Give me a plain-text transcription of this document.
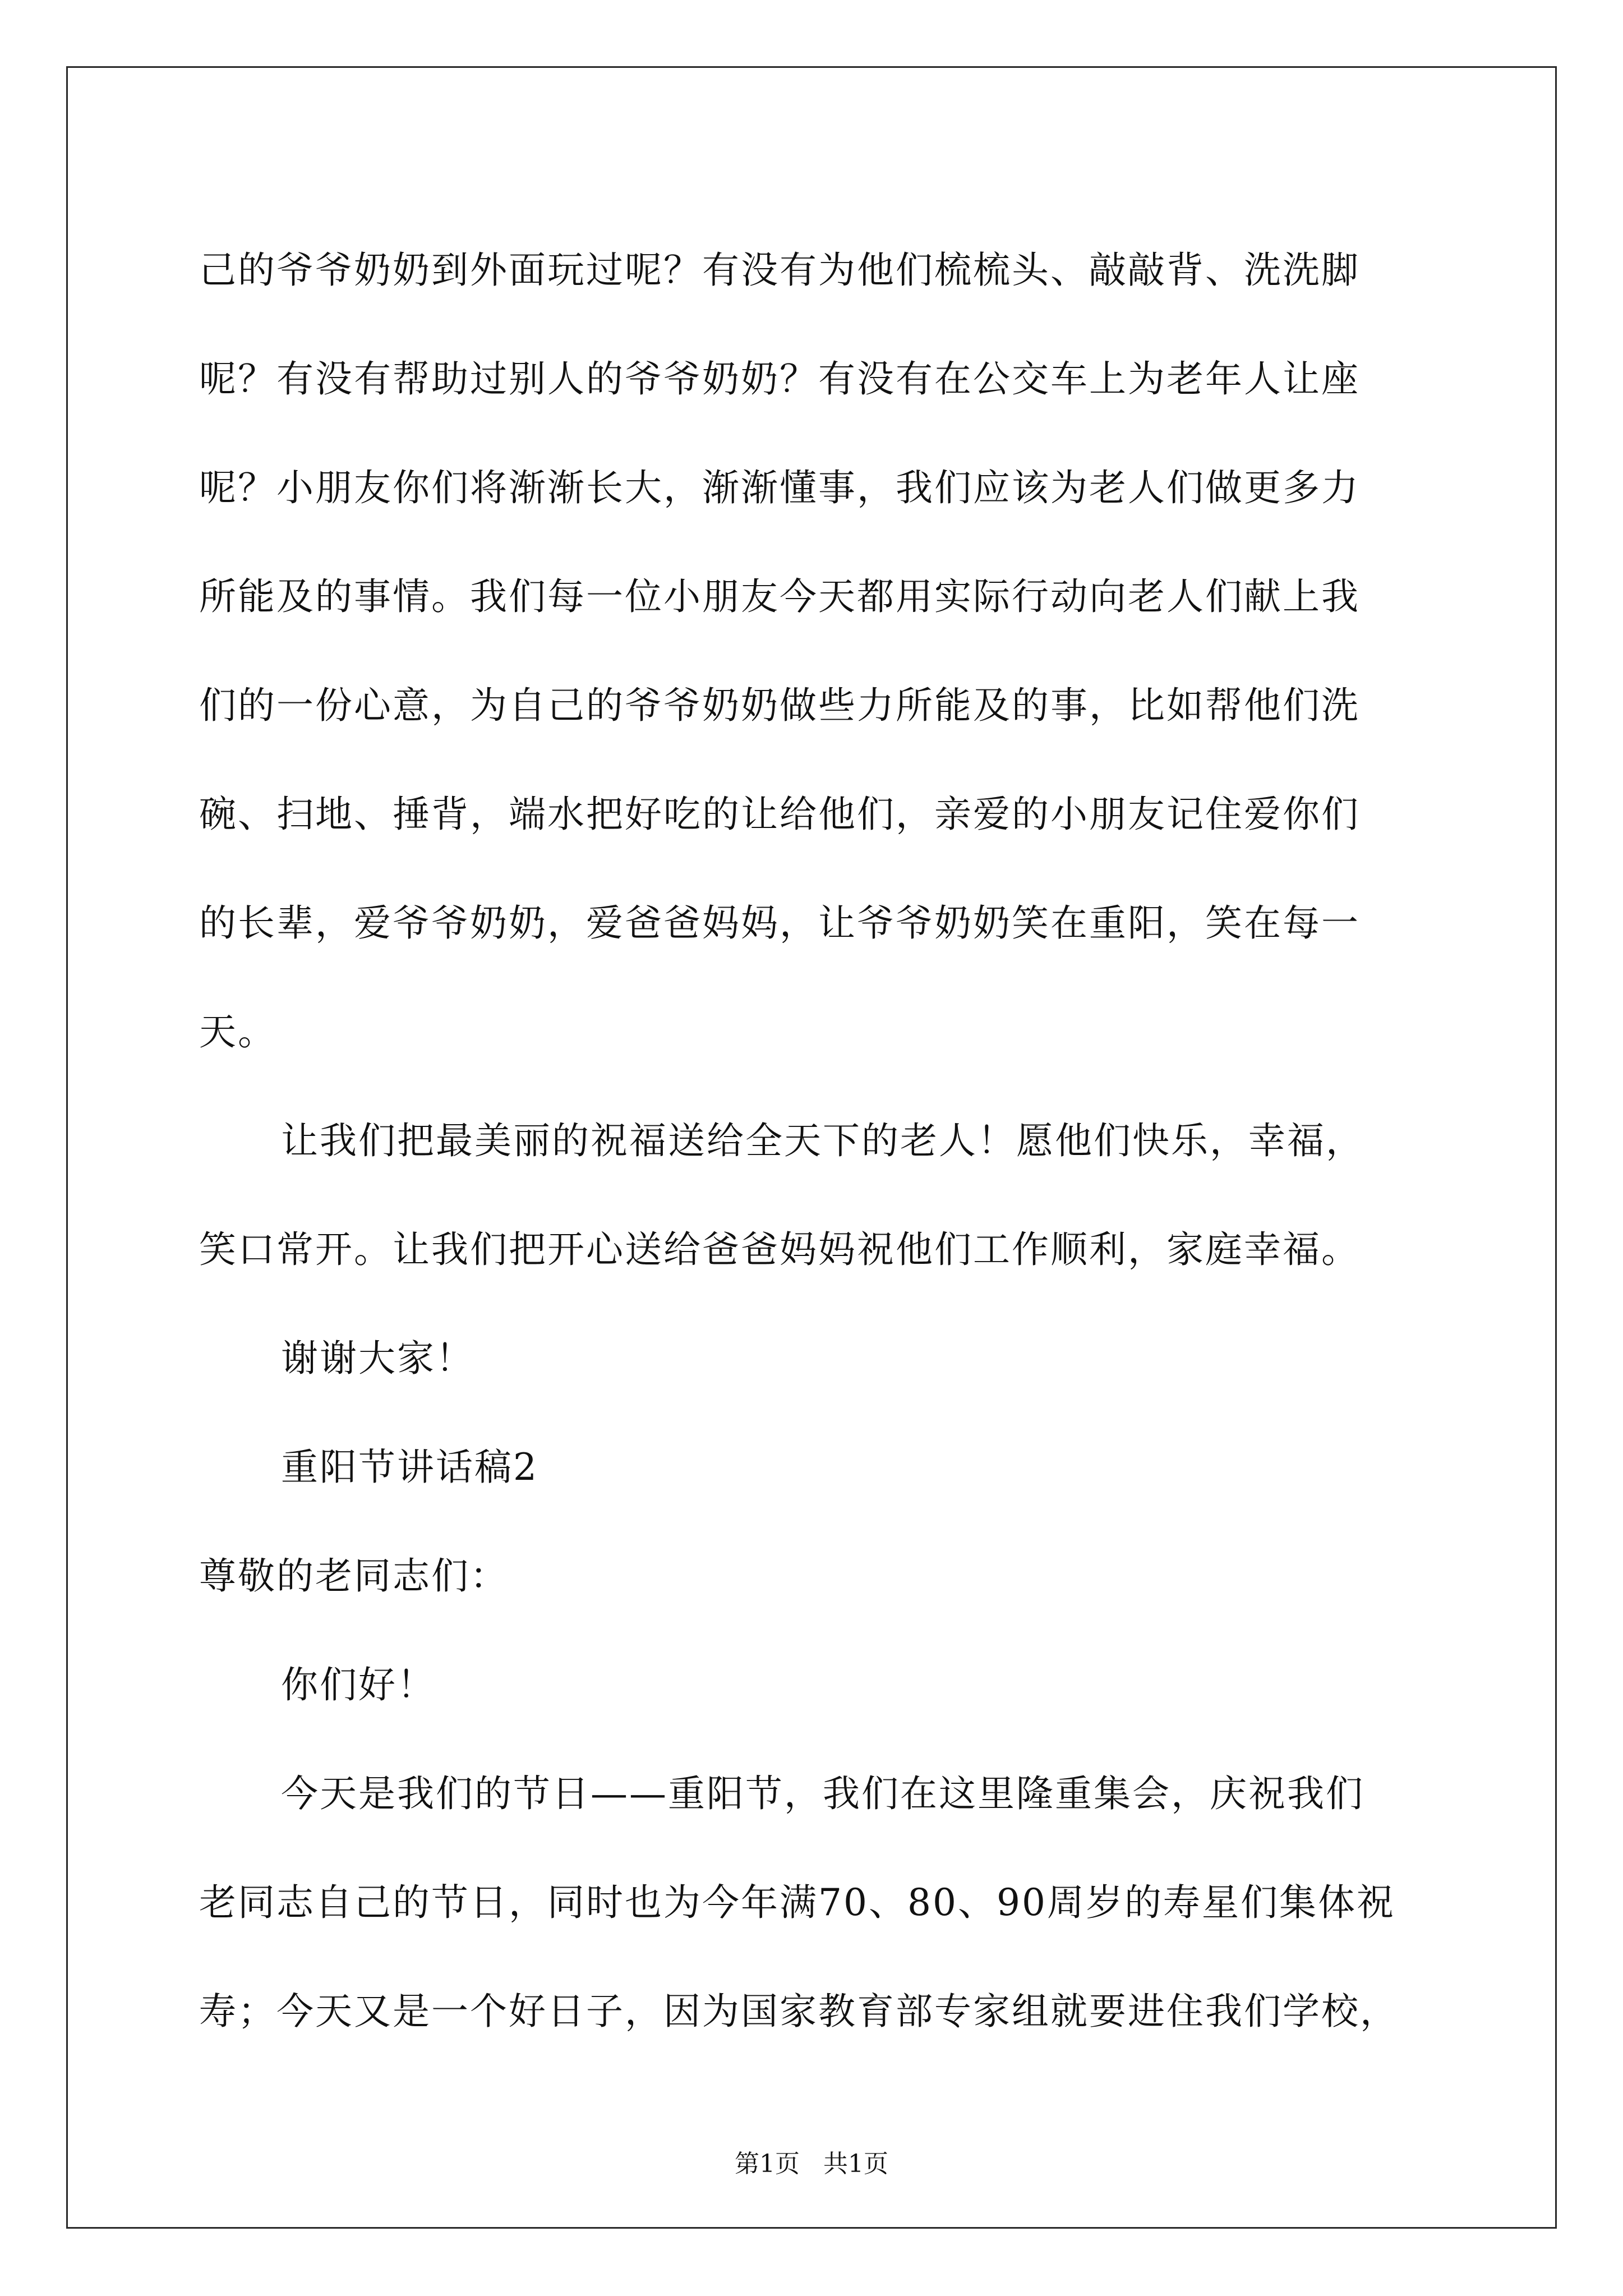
己的爷爷奶奶到外面玩过呢？有没有为他们梳梳头、敲敲背、洗洗脚
呢？有没有帮助过别人的爷爷奶奶？有没有在公交车上为老年人让座
呢？小朋友你们将渐渐长大，渐渐懂事，我们应该为老人们做更多力
所能及的事情。我们每一位小朋友今天都用实际行动向老人们献上我
们的一份心意，为自己的爷爷奶奶做些力所能及的事，比如帮他们洗
碗、扫地、捶背，端水把好吃的让给他们，亲爱的小朋友记住爱你们
的长辈，爱爷爷奶奶，爱爸爸妈妈，让爷爷奶奶笑在重阳，笑在每一
天。

让我们把最美丽的祝福送给全天下的老人！愿他们快乐，幸福，
笑口常开。让我们把开心送给爸爸妈妈祝他们工作顺利，家庭幸福。

谢谢大家！

重阳节讲话稿2

尊敬的老同志们：

你们好！

今天是我们的节日——重阳节，我们在这里隆重集会，庆祝我们
老同志自己的节日，同时也为今年满70、80、90周岁的寿星们集体祝
寿；今天又是一个好日子，因为国家教育部专家组就要进住我们学校，

第1页 共1页
